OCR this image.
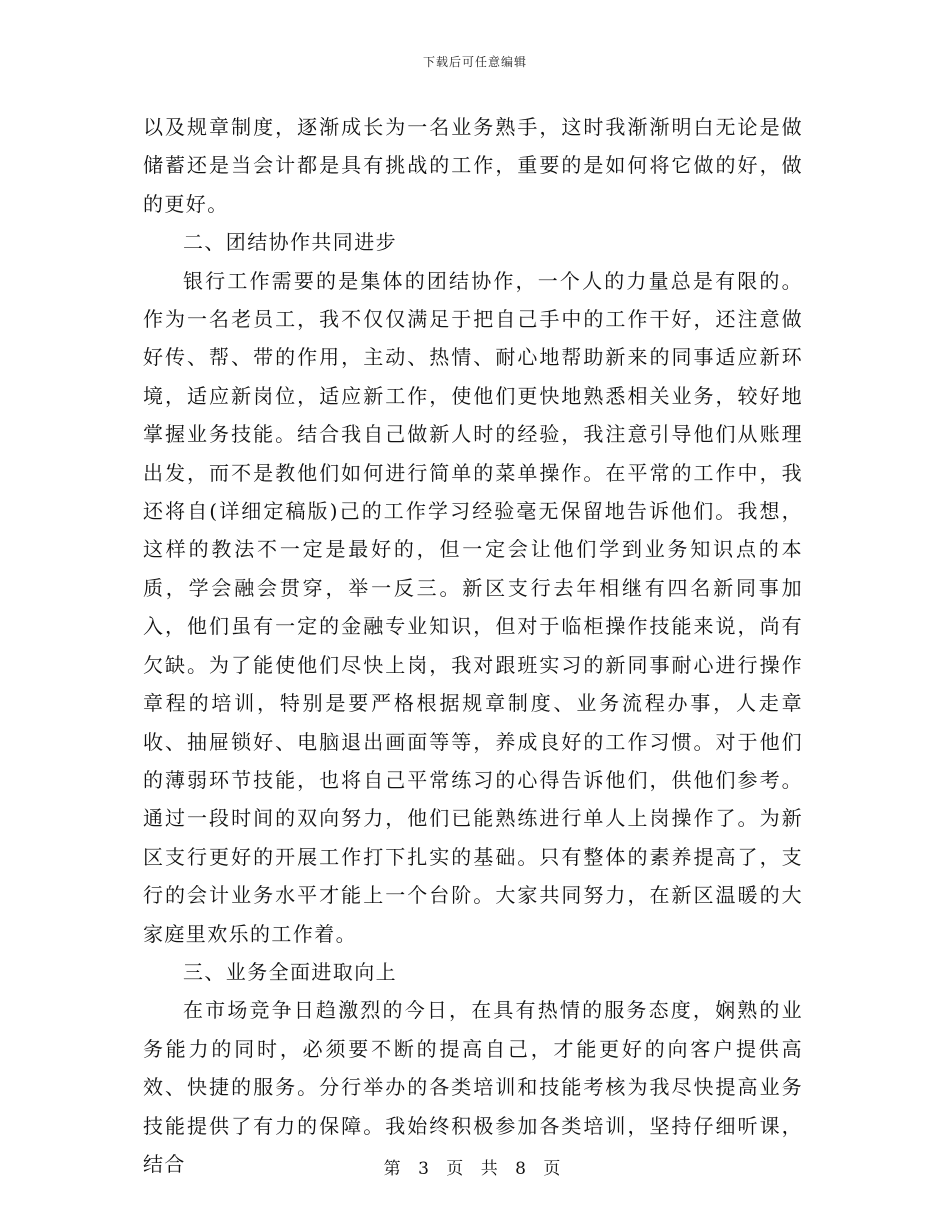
下载后可任意编辑

以及规章制度，逐渐成长为一名业务熟手，这时我渐渐明白无论是做储蓄还是当会计都是具有挑战的工作，重要的是如何将它做的好，做的更好。

二、团结协作共同进步

银行工作需要的是集体的团结协作，一个人的力量总是有限的。作为一名老员工，我不仅仅满足于把自己手中的工作干好，还注意做好传、帮、带的作用，主动、热情、耐心地帮助新来的同事适应新环境，适应新岗位，适应新工作，使他们更快地熟悉相关业务，较好地掌握业务技能。结合我自己做新人时的经验，我注意引导他们从账理出发，而不是教他们如何进行简单的菜单操作。在平常的工作中，我还将自(详细定稿版)己的工作学习经验毫无保留地告诉他们。我想，这样的教法不一定是最好的，但一定会让他们学到业务知识点的本质，学会融会贯穿，举一反三。新区支行去年相继有四名新同事加入，他们虽有一定的金融专业知识，但对于临柜操作技能来说，尚有欠缺。为了能使他们尽快上岗，我对跟班实习的新同事耐心进行操作章程的培训，特别是要严格根据规章制度、业务流程办事，人走章收、抽屉锁好、电脑退出画面等等，养成良好的工作习惯。对于他们的薄弱环节技能，也将自己平常练习的心得告诉他们，供他们参考。通过一段时间的双向努力，他们已能熟练进行单人上岗操作了。为新区支行更好的开展工作打下扎实的基础。只有整体的素养提高了，支行的会计业务水平才能上一个台阶。大家共同努力，在新区温暖的大家庭里欢乐的工作着。

三、业务全面进取向上

在市场竞争日趋激烈的今日，在具有热情的服务态度，娴熟的业务能力的同时，必须要不断的提高自己，才能更好的向客户提供高效、快捷的服务。分行举办的各类培训和技能考核为我尽快提高业务技能提供了有力的保障。我始终积极参加各类培训，坚持仔细听课，结合	第 3 页 共 8 页
